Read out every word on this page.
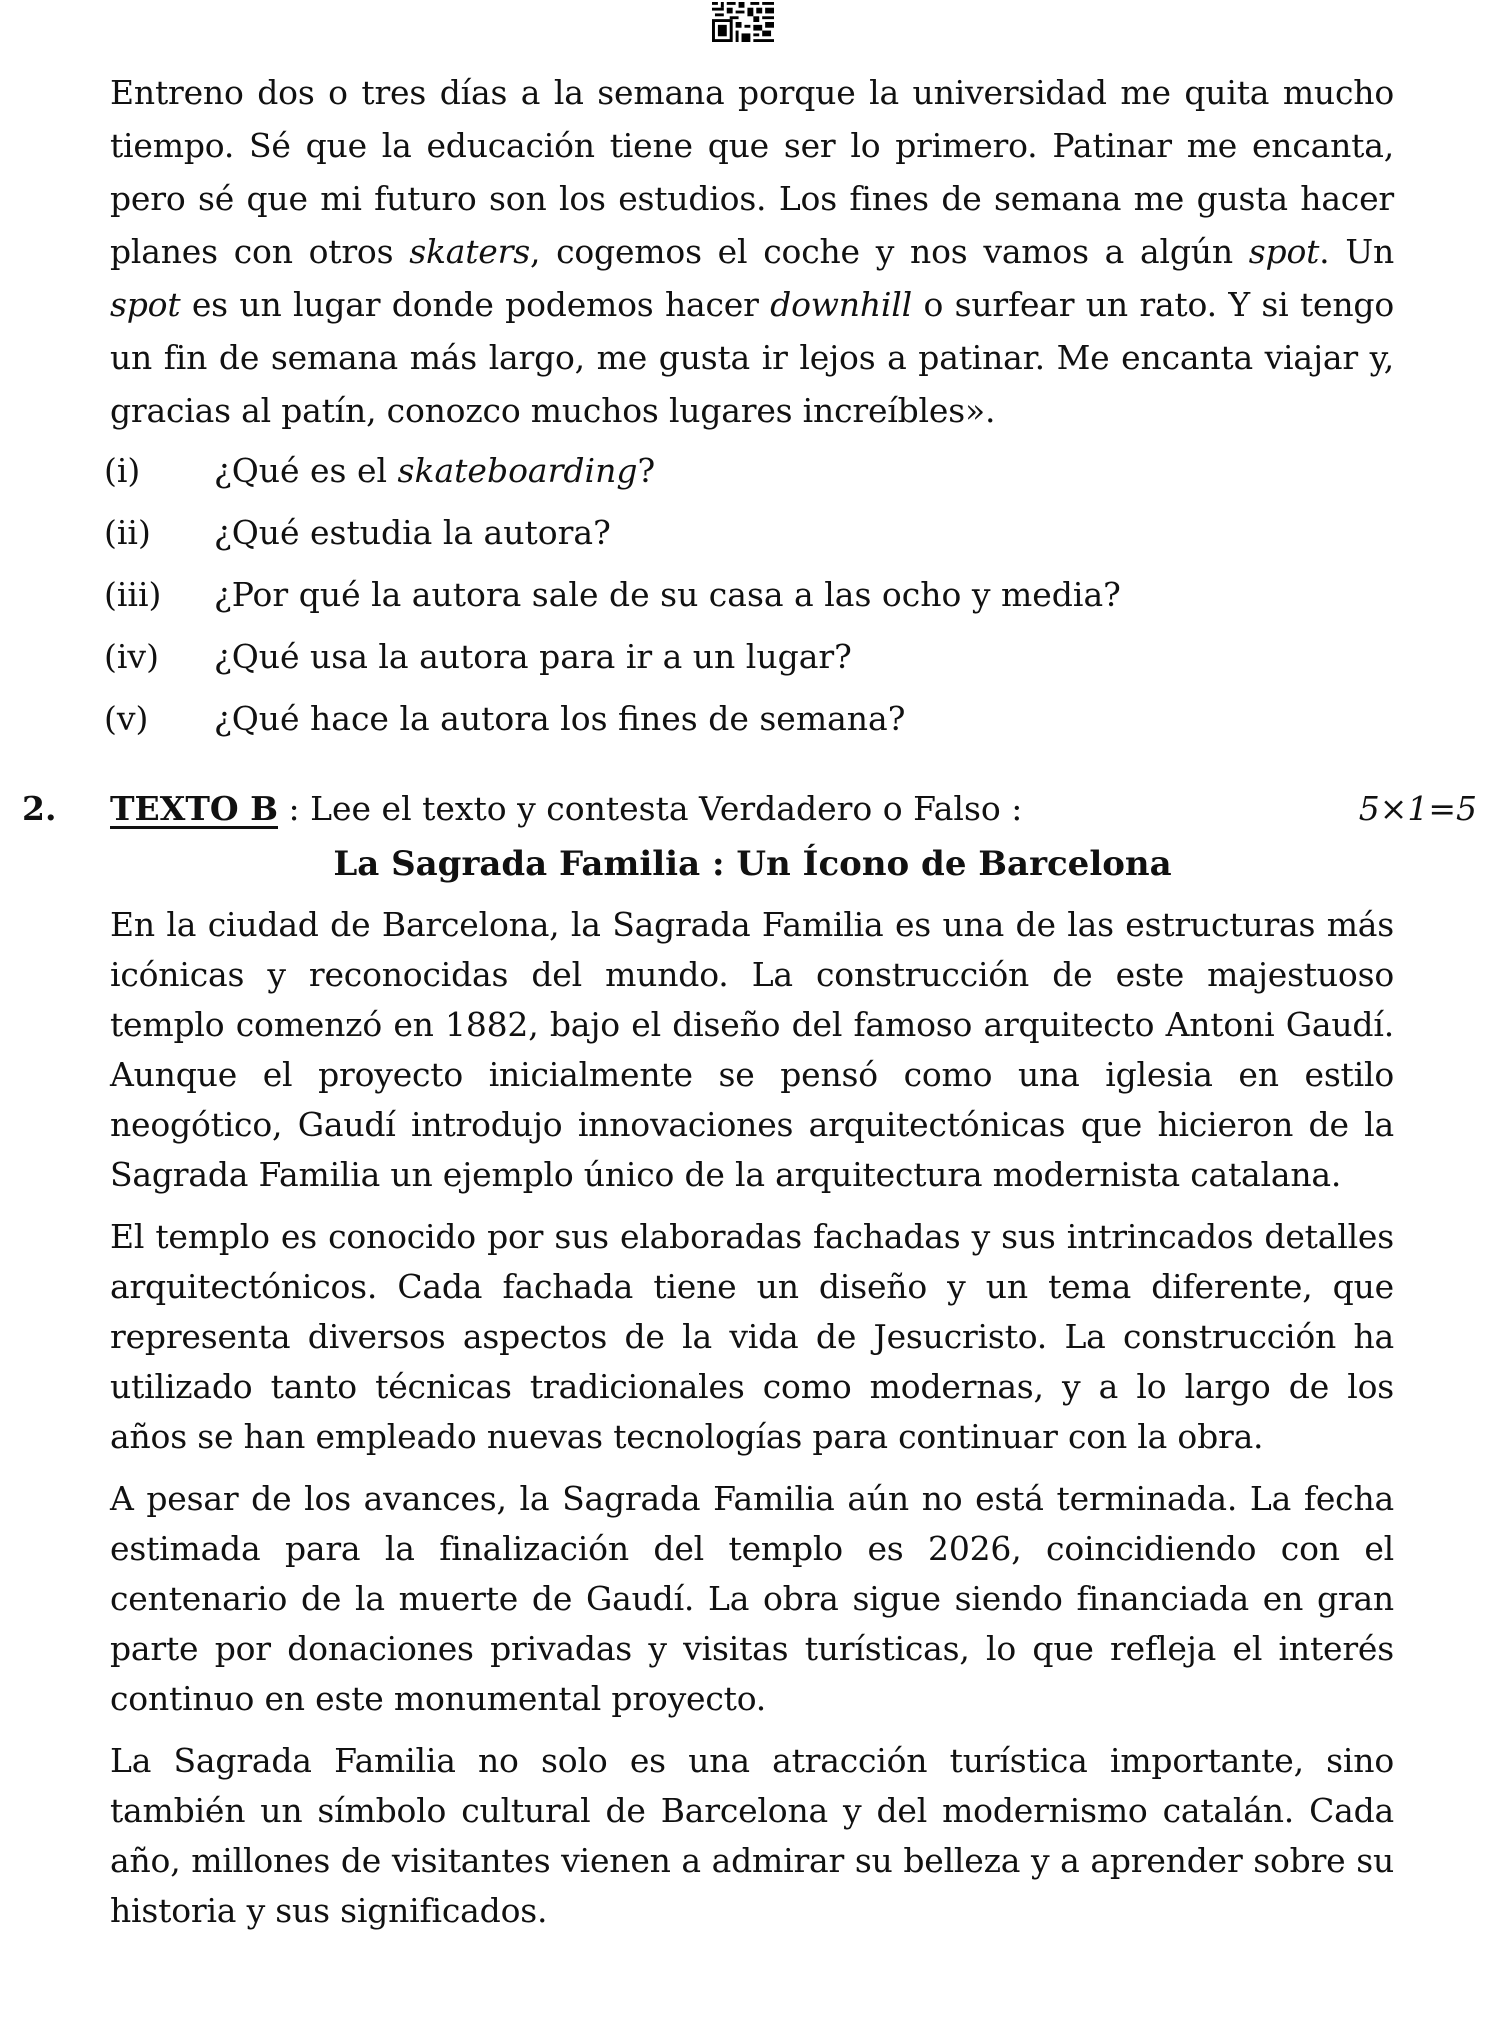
Entreno dos o tres días a la semana porque la universidad me quita mucho tiempo. Sé que la educación tiene que ser lo primero. Patinar me encanta, pero sé que mi futuro son los estudios. Los fines de semana me gusta hacer planes con otros skaters, cogemos el coche y nos vamos a algún spot. Un spot es un lugar donde podemos hacer downhill o surfear un rato. Y si tengo un fin de semana más largo, me gusta ir lejos a patinar. Me encanta viajar y, gracias al patín, conozco muchos lugares increíbles».

(i)	¿Qué es el skateboarding?
(ii)	¿Qué estudia la autora?
(iii)	¿Por qué la autora sale de su casa a las ocho y media?
(iv)	¿Qué usa la autora para ir a un lugar?
(v)	¿Qué hace la autora los fines de semana?
2. TEXTO B : Lee el texto y contesta Verdadero o Falso :	5×1=5
La Sagrada Familia : Un Ícono de Barcelona

En la ciudad de Barcelona, la Sagrada Familia es una de las estructuras más icónicas y reconocidas del mundo. La construcción de este majestuoso templo comenzó en 1882, bajo el diseño del famoso arquitecto Antoni Gaudí. Aunque el proyecto inicialmente se pensó como una iglesia en estilo neogótico, Gaudí introdujo innovaciones arquitectónicas que hicieron de la Sagrada Familia un ejemplo único de la arquitectura modernista catalana.

El templo es conocido por sus elaboradas fachadas y sus intrincados detalles arquitectónicos. Cada fachada tiene un diseño y un tema diferente, que representa diversos aspectos de la vida de Jesucristo. La construcción ha utilizado tanto técnicas tradicionales como modernas, y a lo largo de los años se han empleado nuevas tecnologías para continuar con la obra.

A pesar de los avances, la Sagrada Familia aún no está terminada. La fecha estimada para la finalización del templo es 2026, coincidiendo con el centenario de la muerte de Gaudí. La obra sigue siendo financiada en gran parte por donaciones privadas y visitas turísticas, lo que refleja el interés continuo en este monumental proyecto.

La Sagrada Familia no solo es una atracción turística importante, sino también un símbolo cultural de Barcelona y del modernismo catalán. Cada año, millones de visitantes vienen a admirar su belleza y a aprender sobre su historia y sus significados.
